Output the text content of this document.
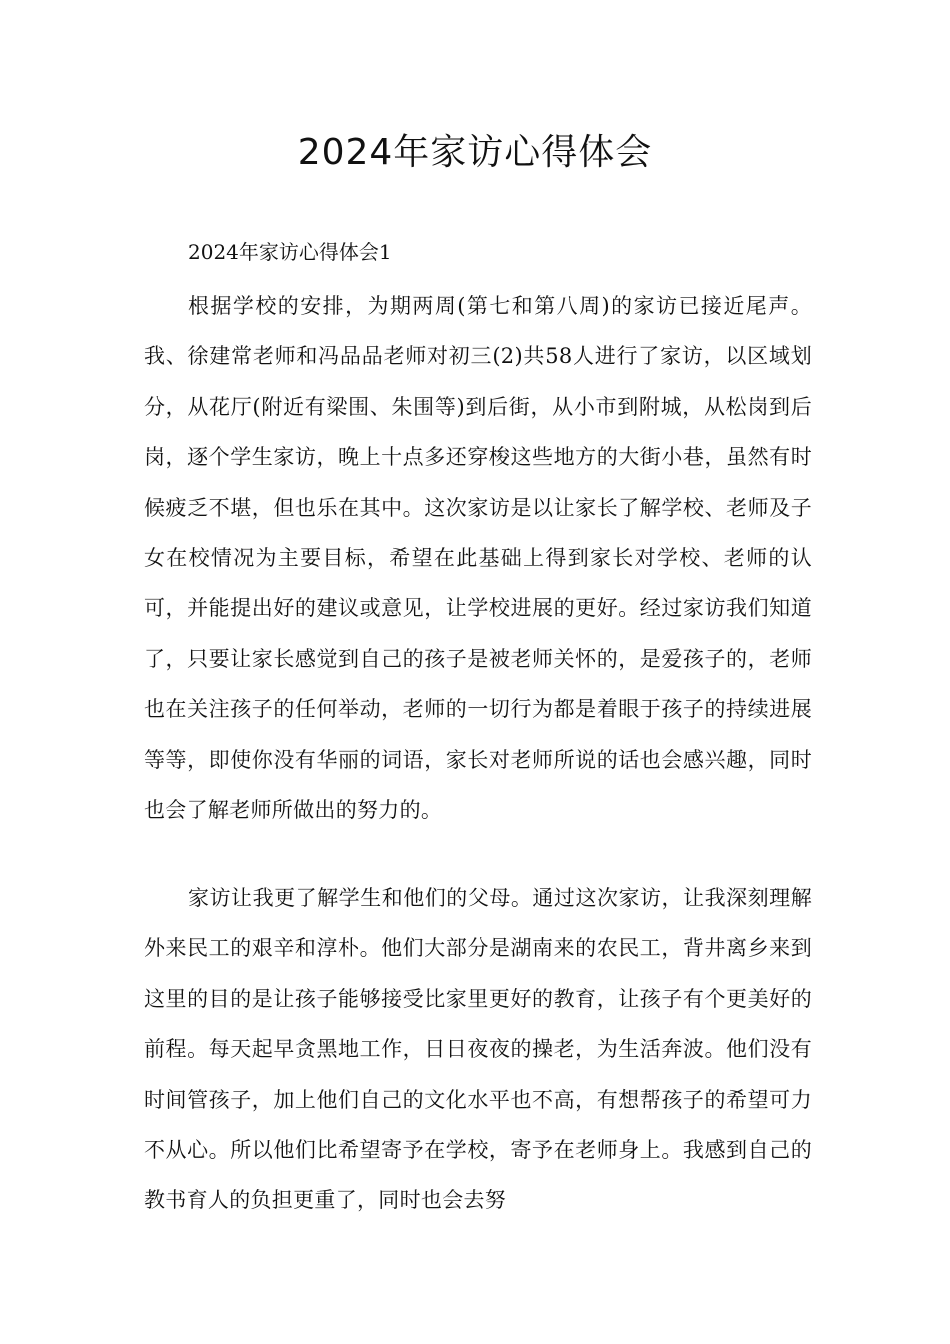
2024年家访心得体会

2024年家访心得体会1

根据学校的安排，为期两周(第七和第八周)的家访已接近尾声。我、徐建常老师和冯品品老师对初三(2)共58人进行了家访，以区域划分，从花厅(附近有梁围、朱围等)到后街，从小市到附城，从松岗到后岗，逐个学生家访，晚上十点多还穿梭这些地方的大街小巷，虽然有时候疲乏不堪，但也乐在其中。这次家访是以让家长了解学校、老师及子女在校情况为主要目标，希望在此基础上得到家长对学校、老师的认可，并能提出好的建议或意见，让学校进展的更好。经过家访我们知道了，只要让家长感觉到自己的孩子是被老师关怀的，是爱孩子的，老师也在关注孩子的任何举动，老师的一切行为都是着眼于孩子的持续进展等等，即使你没有华丽的词语，家长对老师所说的话也会感兴趣，同时也会了解老师所做出的努力的。

家访让我更了解学生和他们的父母。通过这次家访，让我深刻理解外来民工的艰辛和淳朴。他们大部分是湖南来的农民工，背井离乡来到这里的目的是让孩子能够接受比家里更好的教育，让孩子有个更美好的前程。每天起早贪黑地工作，日日夜夜的操老，为生活奔波。他们没有时间管孩子，加上他们自己的文化水平也不高，有想帮孩子的希望可力不从心。所以他们比希望寄予在学校，寄予在老师身上。我感到自己的教书育人的负担更重了，同时也会去努
